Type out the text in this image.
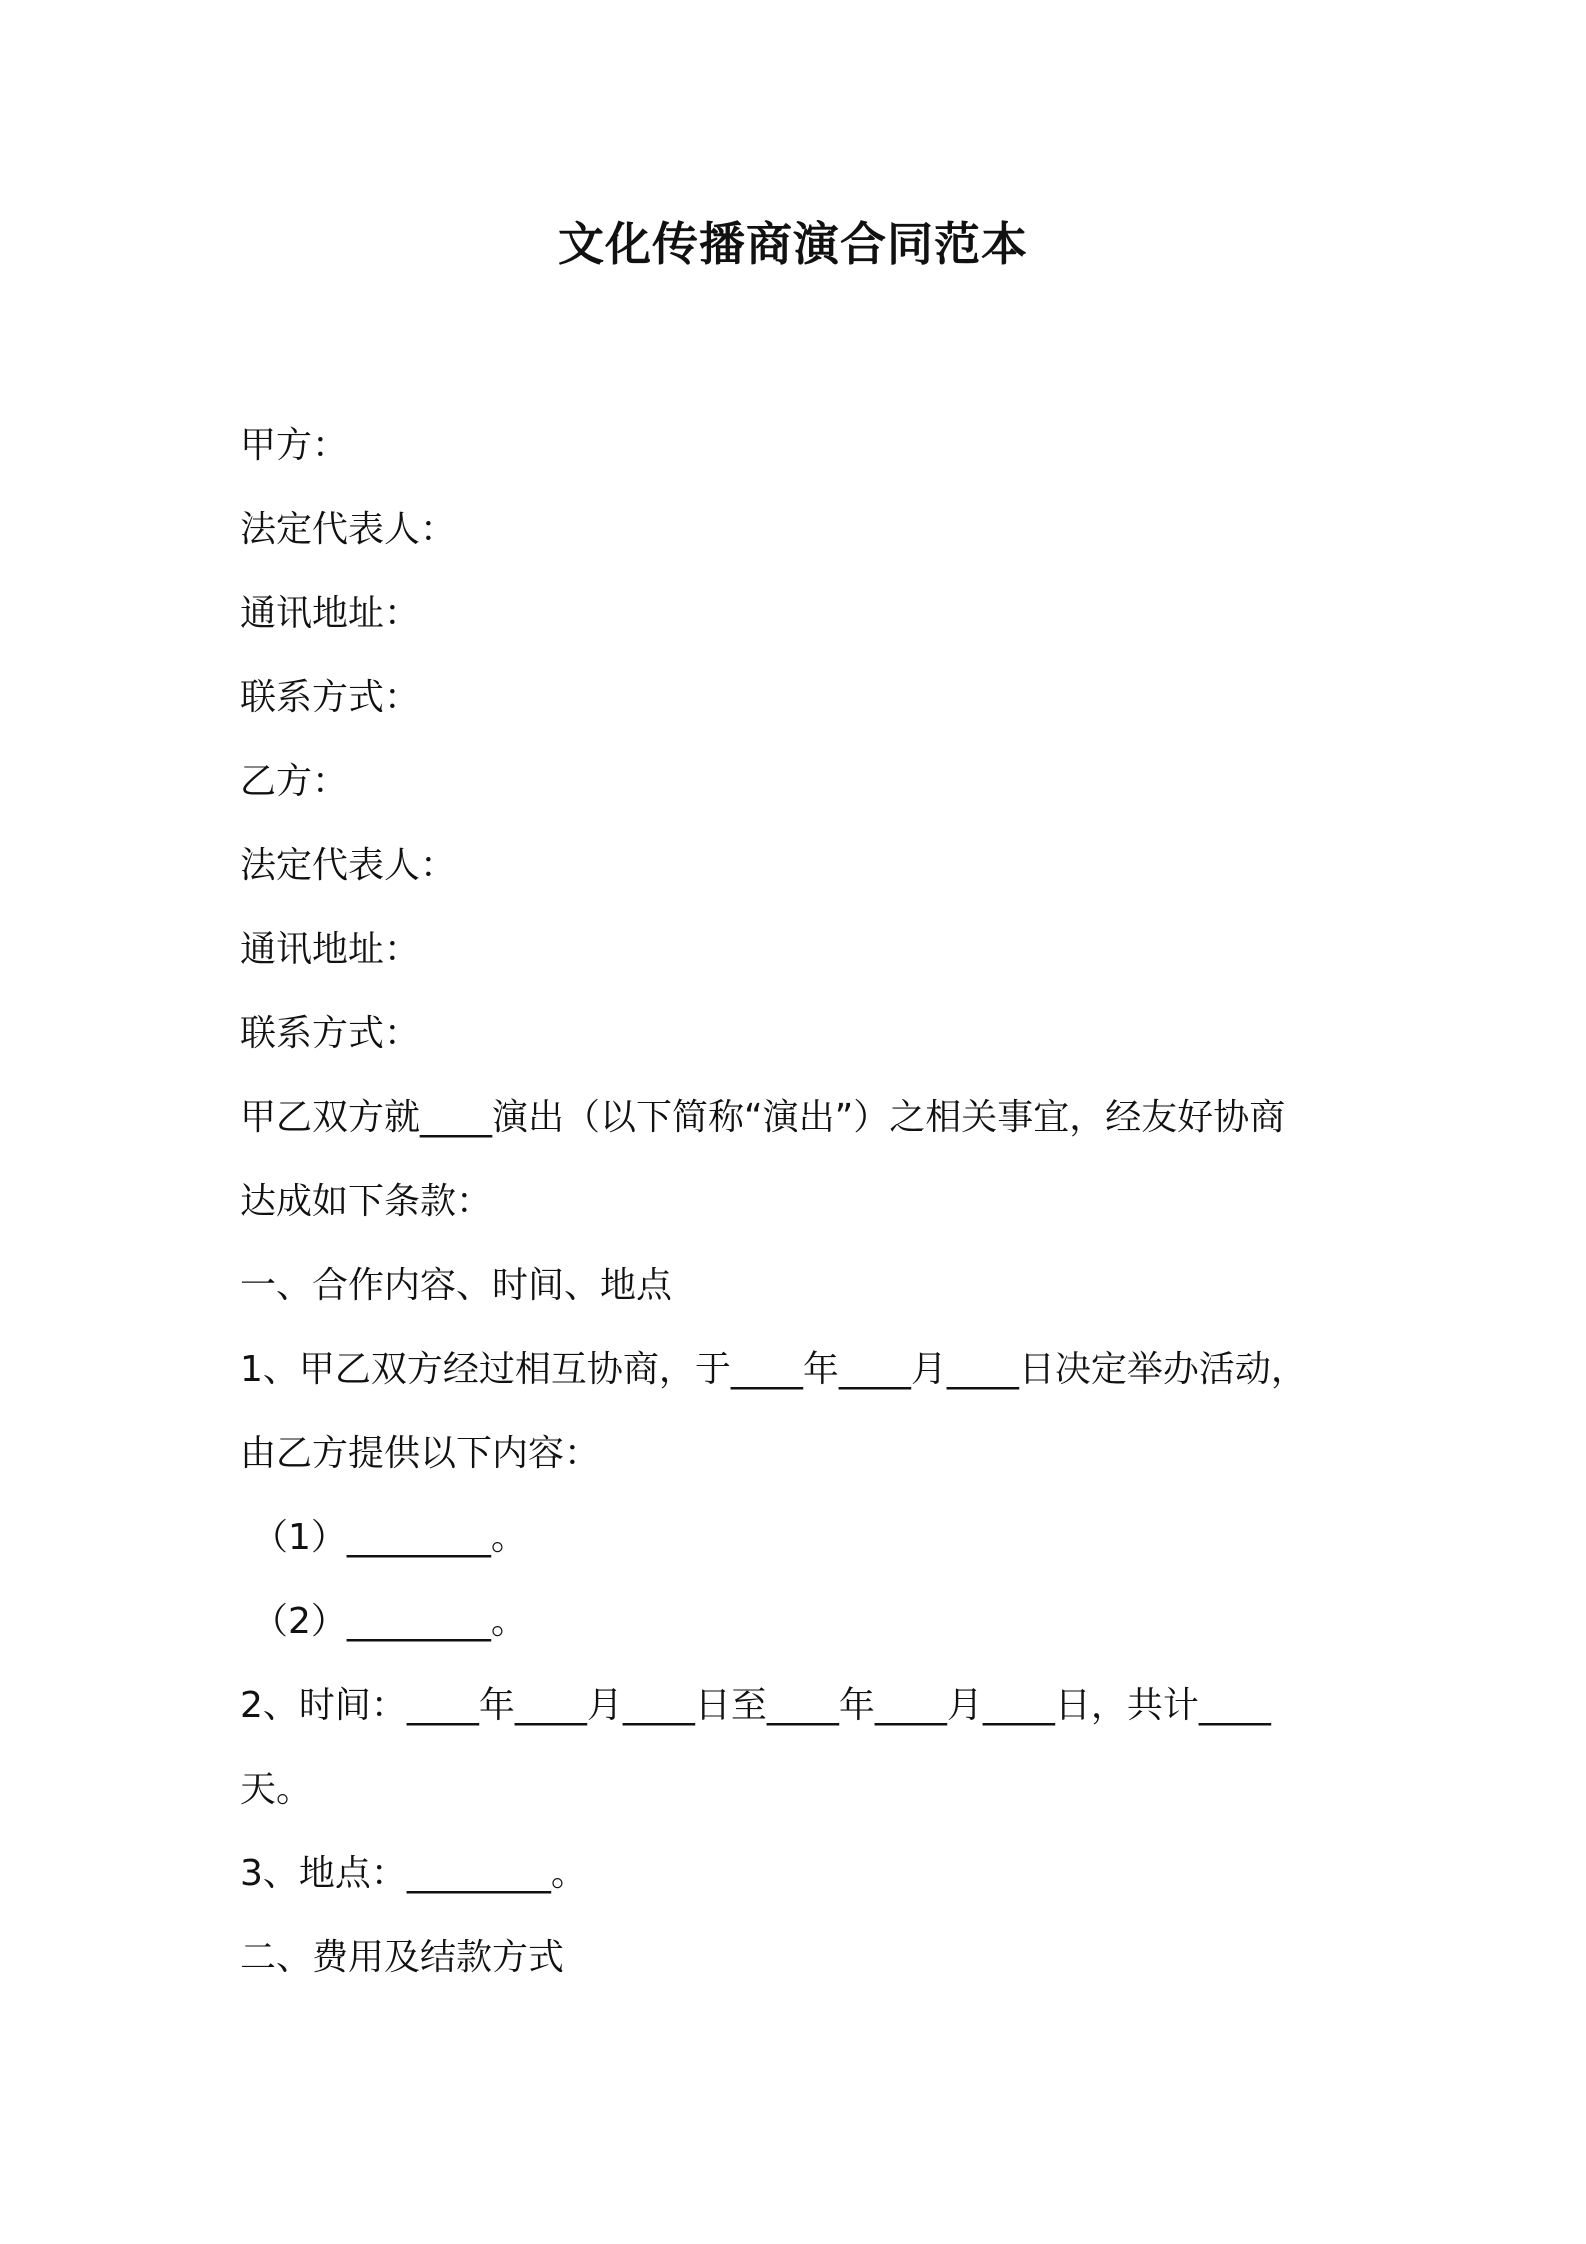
文化传播商演合同范本
甲方：
法定代表人：
通讯地址：
联系方式：
乙方：
法定代表人：
通讯地址：
联系方式：
甲乙双方就____演出（以下简称“演出”）之相关事宜，经友好协商
达成如下条款：
一、合作内容、时间、地点
1、甲乙双方经过相互协商，于____年____月____日决定举办活动，
由乙方提供以下内容：
（1）________。
（2）________。
2、时间：____年____月____日至____年____月____日，共计____
天。
3、地点：________。
二、费用及结款方式
